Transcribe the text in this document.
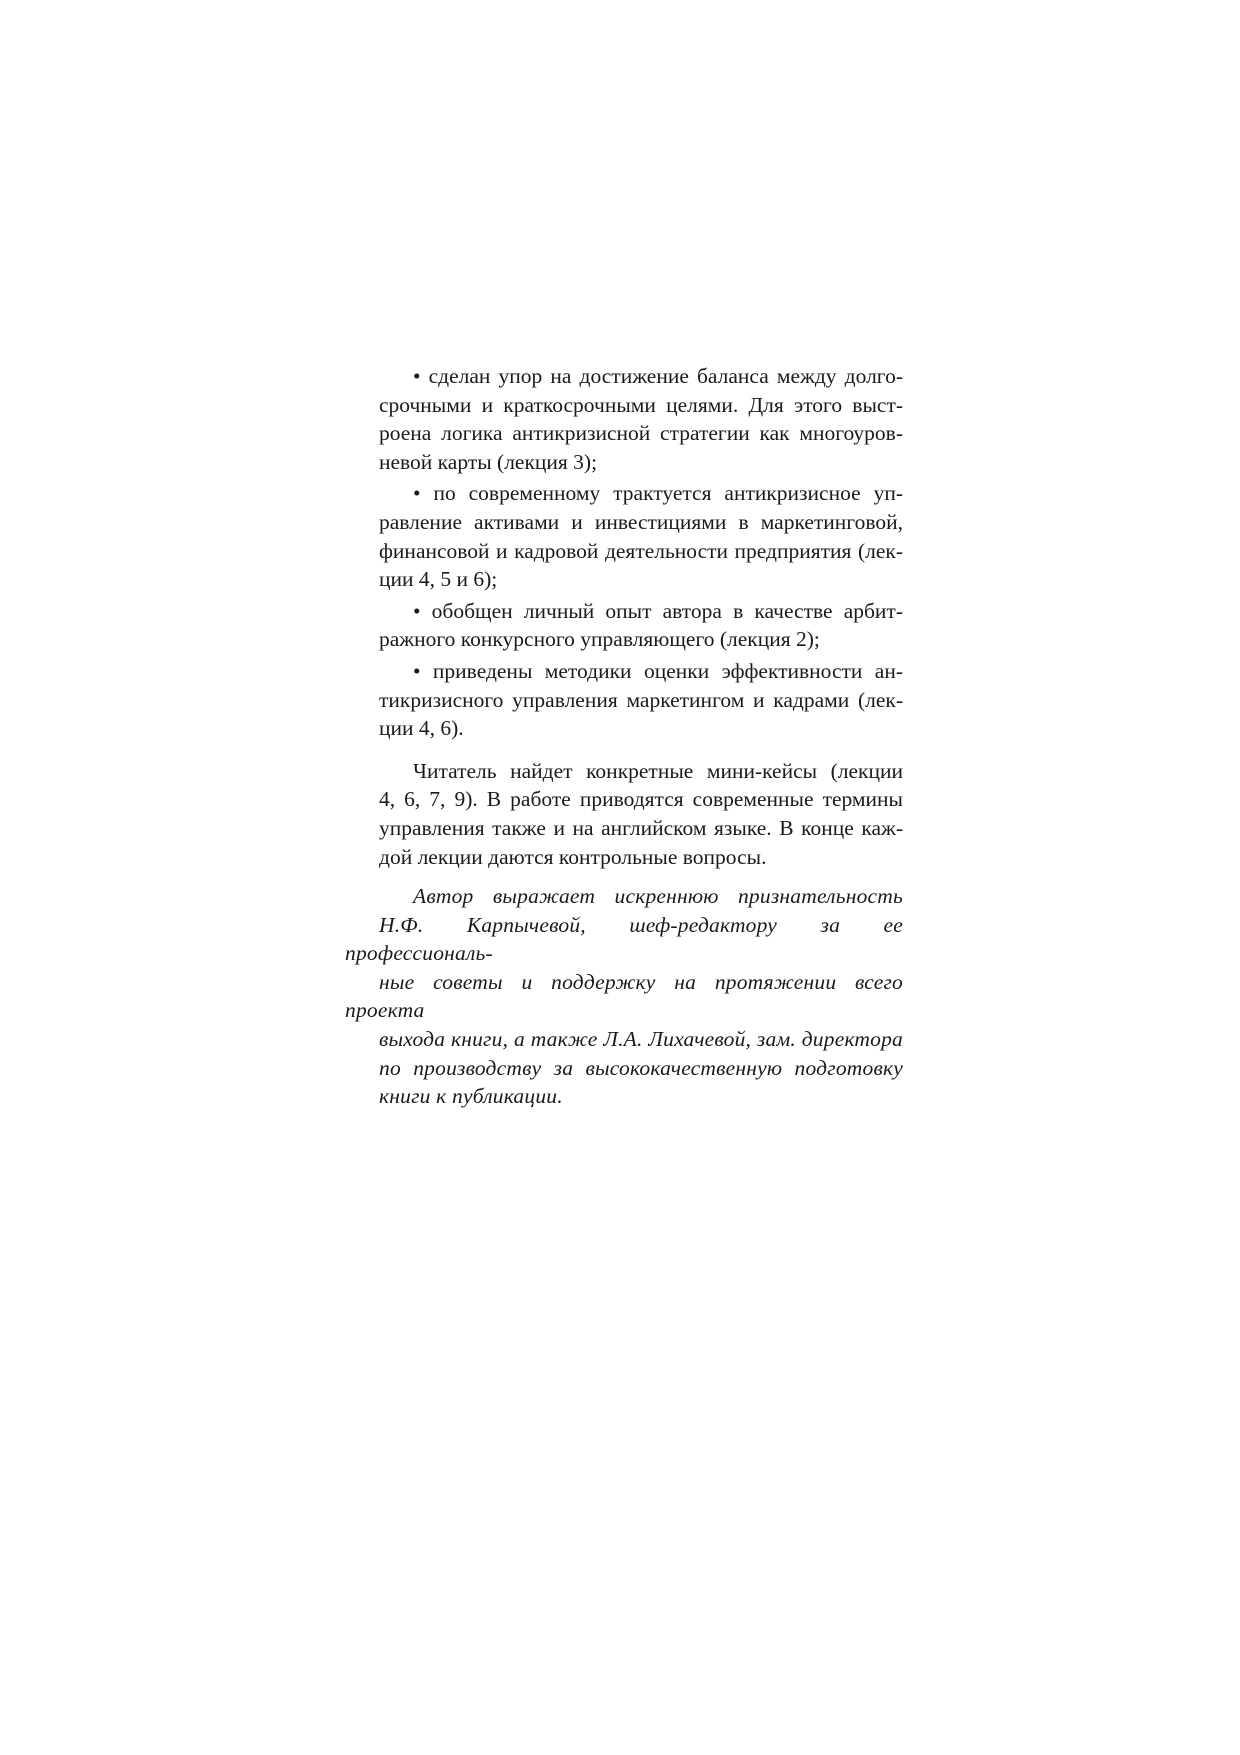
• сделан упор на достижение баланса между долго-
срочными и краткосрочными целями. Для этого выст-
роена логика антикризисной стратегии как многоуров-
невой карты (лекция 3);

• по современному трактуется антикризисное уп-
равление активами и инвестициями в маркетинговой,
финансовой и кадровой деятельности предприятия (лек-
ции 4, 5 и 6);

• обобщен личный опыт автора в качестве арбит-
ражного конкурсного управляющего (лекция 2);

• приведены методики оценки эффективности ан-
тикризисного управления маркетингом и кадрами (лек-
ции 4, 6).

Читатель найдет конкретные мини-кейсы (лекции
4, 6, 7, 9). В работе приводятся современные термины
управления также и на английском языке. В конце каж-
дой лекции даются контрольные вопросы.

Автор выражает искреннюю признательность
Н.Ф. Карпычевой, шеф-редактору за ее профессиональ-
ные советы и поддержку на протяжении всего проекта
выхода книги, а также Л.А. Лихачевой, зам. директора
по производству за высококачественную подготовку
книги к публикации.
